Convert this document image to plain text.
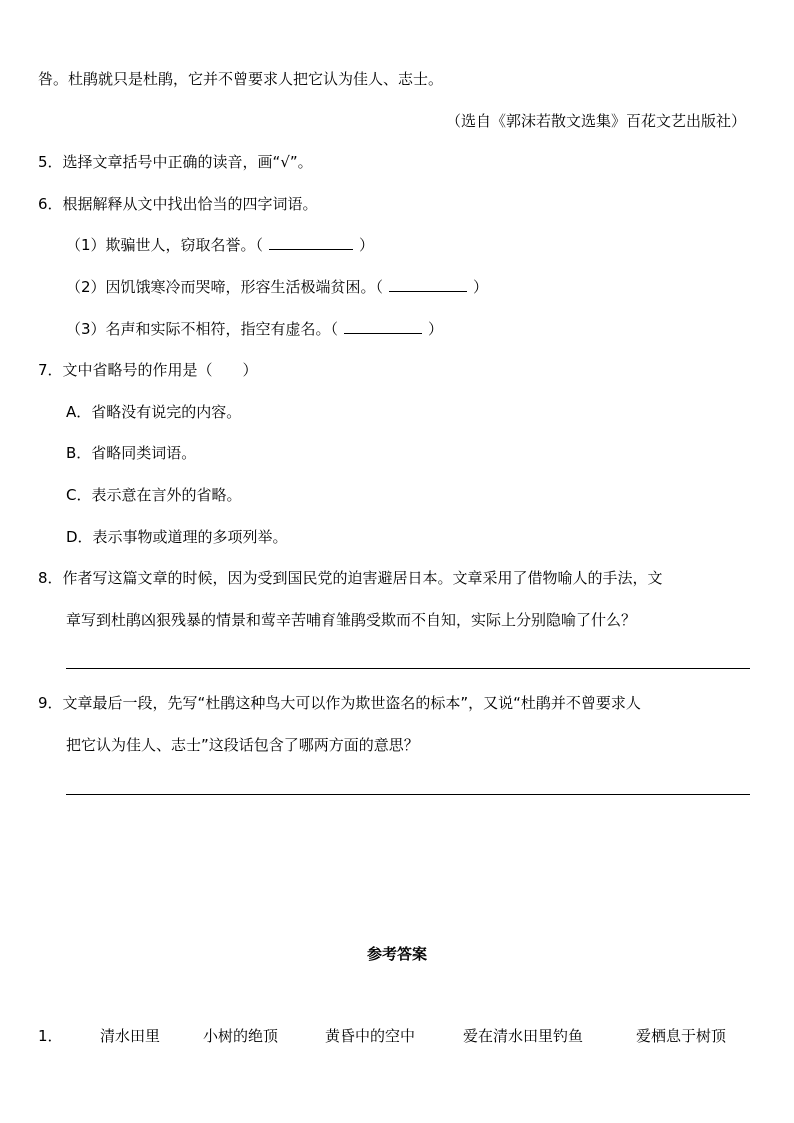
咎。杜鹃就只是杜鹃，它并不曾要求人把它认为佳人、志士。
（选自《郭沫若散文选集》百花文艺出版社）
5．选择文章括号中正确的读音，画“√”。
6．根据解释从文中找出恰当的四字词语。
（1）欺骗世人，窃取名誉。（	）
（2）因饥饿寒冷而哭啼，形容生活极端贫困。（	）
（3）名声和实际不相符，指空有虚名。（	）
7．文中省略号的作用是（　　）
A．省略没有说完的内容。
B．省略同类词语。
C．表示意在言外的省略。
D．表示事物或道理的多项列举。
8．作者写这篇文章的时候，因为受到国民党的迫害避居日本。文章采用了借物喻人的手法，文
章写到杜鹃凶狠残暴的情景和莺辛苦哺育雏鹃受欺而不自知，实际上分别隐喻了什么？
9．文章最后一段，先写“杜鹃这种鸟大可以作为欺世盗名的标本”，又说“杜鹃并不曾要求人
把它认为佳人、志士”这段话包含了哪两方面的意思？
参考答案
1． 清水田里	小树的绝顶	黄昏中的空中	爱在清水田里钓鱼	爱栖息于树顶
